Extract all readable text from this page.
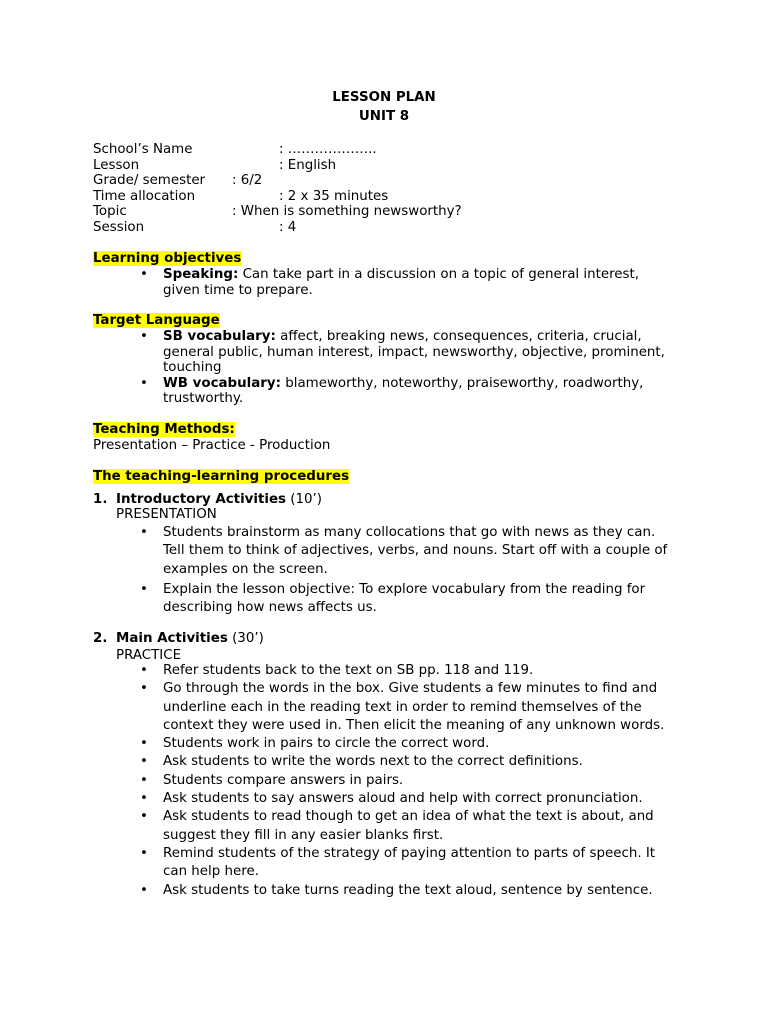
LESSON PLAN
UNIT 8
School’s Name	: ………………..
Lesson	: English
Grade/ semester : 6/2
Time allocation	: 2 x 35 minutes
Topic	: When is something newsworthy?
Session	: 4
Learning objectives
• Speaking: Can take part in a discussion on a topic of general interest, given time to prepare.
Target Language
• SB vocabulary: affect, breaking news, consequences, criteria, crucial, general public, human interest, impact, newsworthy, objective, prominent, touching
• WB vocabulary: blameworthy, noteworthy, praiseworthy, roadworthy, trustworthy.
Teaching Methods:
Presentation – Practice - Production
The teaching-learning procedures
1. Introductory Activities (10’)
PRESENTATION
• Students brainstorm as many collocations that go with news as they can. Tell them to think of adjectives, verbs, and nouns. Start off with a couple of examples on the screen.
• Explain the lesson objective: To explore vocabulary from the reading for describing how news affects us.
2. Main Activities (30’)
PRACTICE
• Refer students back to the text on SB pp. 118 and 119.
• Go through the words in the box. Give students a few minutes to find and underline each in the reading text in order to remind themselves of the context they were used in. Then elicit the meaning of any unknown words.
• Students work in pairs to circle the correct word.
• Ask students to write the words next to the correct definitions.
• Students compare answers in pairs.
• Ask students to say answers aloud and help with correct pronunciation.
• Ask students to read though to get an idea of what the text is about, and suggest they fill in any easier blanks first.
• Remind students of the strategy of paying attention to parts of speech. It can help here.
• Ask students to take turns reading the text aloud, sentence by sentence.
